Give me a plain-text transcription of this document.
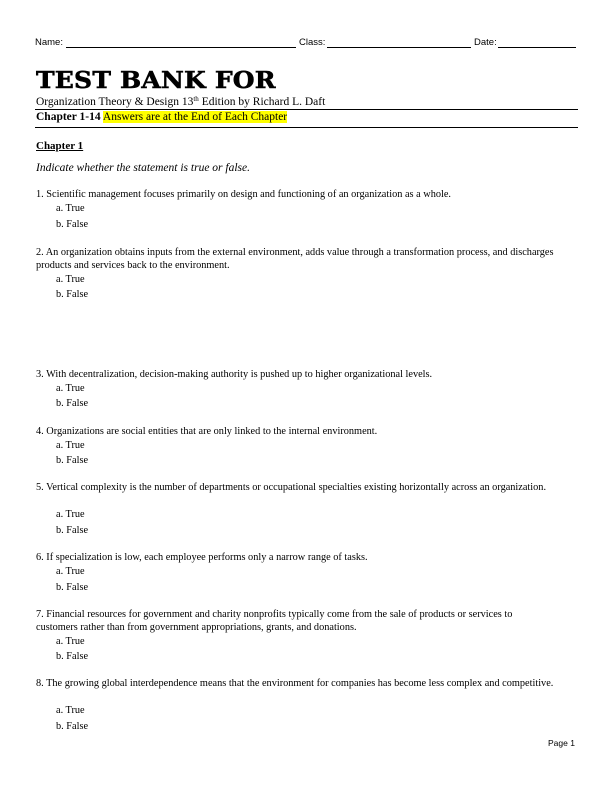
Name:	Class:	Date:
TEST BANK FOR
Organization Theory & Design 13th Edition by Richard L. Daft
Chapter 1-14 Answers are at the End of Each Chapter
Chapter 1
Indicate whether the statement is true or false.
1. Scientific management focuses primarily on design and functioning of an organization as a whole.
a. True
b. False
2. An organization obtains inputs from the external environment, adds value through a transformation process, and discharges products and services back to the environment.
a. True
b. False
3. With decentralization, decision-making authority is pushed up to higher organizational levels.
a. True
b. False
4. Organizations are social entities that are only linked to the internal environment.
a. True
b. False
5. Vertical complexity is the number of departments or occupational specialties existing horizontally across an organization.
a. True
b. False
6. If specialization is low, each employee performs only a narrow range of tasks.
a. True
b. False
7. Financial resources for government and charity nonprofits typically come from the sale of products or services to customers rather than from government appropriations, grants, and donations.
a. True
b. False
8. The growing global interdependence means that the environment for companies has become less complex and competitive.
a. True
b. False
Page 1
